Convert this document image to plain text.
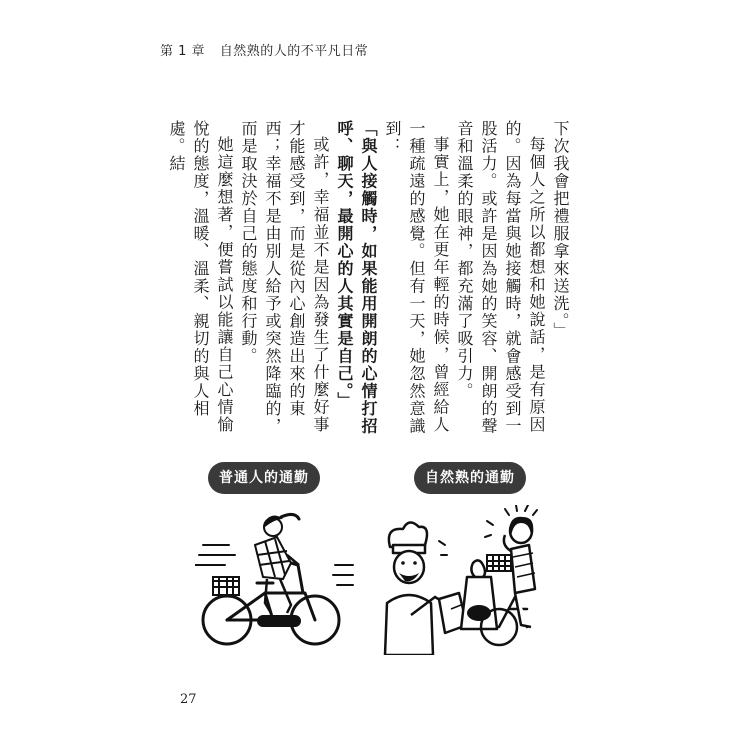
第 1 章 自然熟的人的不平凡日常

下次我會把禮服拿來送洗。」

每個人之所以都想和她說話，是有原因的。因為每當與她接觸時，就會感受到一股活力。或許是因為她的笑容、開朗的聲音和溫柔的眼神，都充滿了吸引力。

事實上，她在更年輕的時候，曾經給人一種疏遠的感覺。但有一天，她忽然意識到：

「與人接觸時，如果能用開朗的心情打招呼、聊天，最開心的人其實是自己。」

或許，幸福並不是因為發生了什麼好事才能感受到，而是從內心創造出來的東西；幸福不是由別人給予或突然降臨的，而是取決於自己的態度和行動。

她這麼想著，便嘗試以能讓自己心情愉悅的態度，溫暖、溫柔、親切的與人相處。結

普通人的通勤	自然熟的通勤
27
